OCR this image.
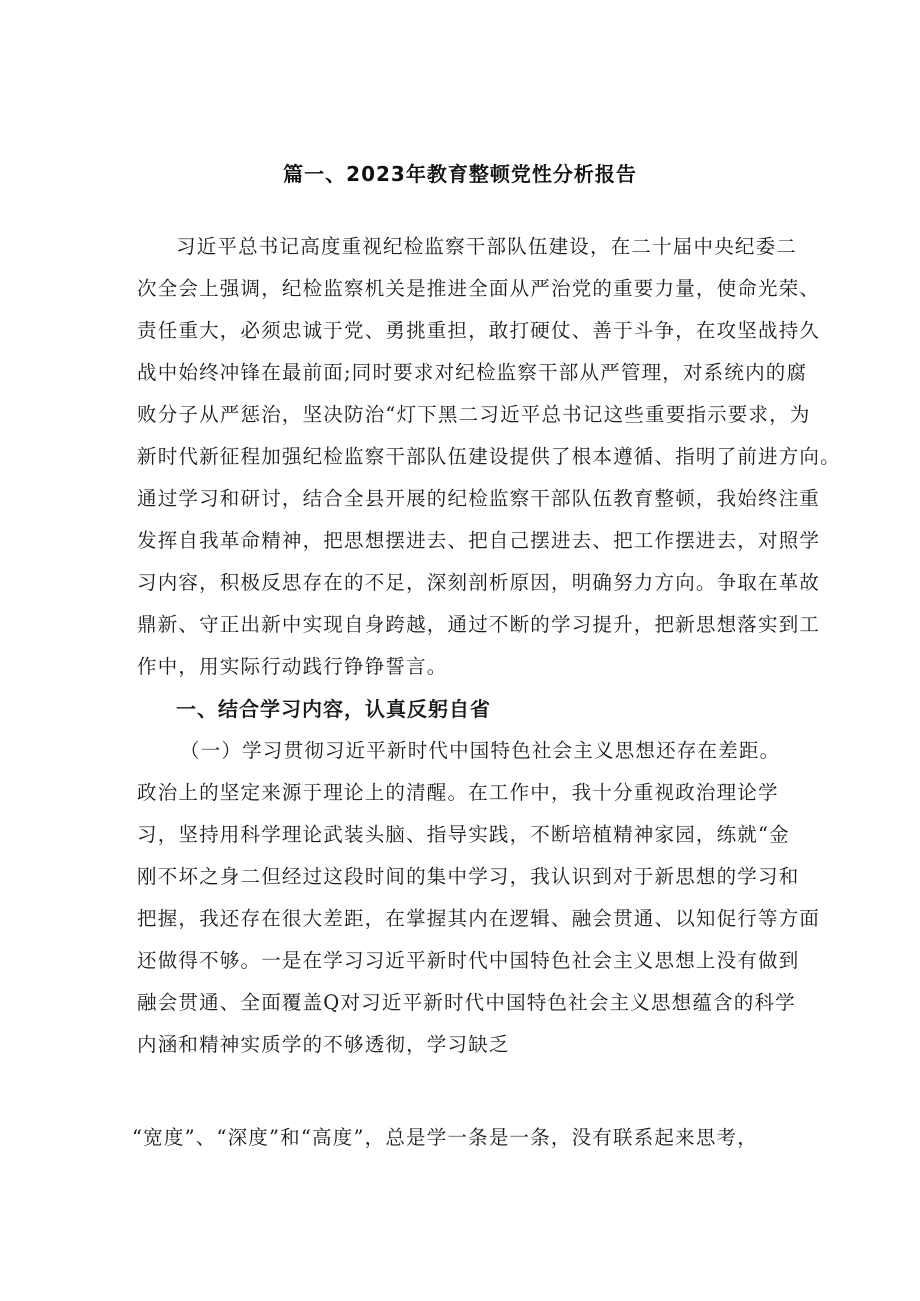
篇一、2023年教育整顿党性分析报告
习近平总书记高度重视纪检监察干部队伍建设，在二十届中央纪委二
次全会上强调，纪检监察机关是推进全面从严治党的重要力量，使命光荣、
责任重大，必须忠诚于党、勇挑重担，敢打硬仗、善于斗争，在攻坚战持久
战中始终冲锋在最前面;同时要求对纪检监察干部从严管理，对系统内的腐
败分子从严惩治，坚决防治“灯下黑二习近平总书记这些重要指示要求，为
新时代新征程加强纪检监察干部队伍建设提供了根本遵循、指明了前进方向。
通过学习和研讨，结合全县开展的纪检监察干部队伍教育整顿，我始终注重
发挥自我革命精神，把思想摆进去、把自己摆进去、把工作摆进去，对照学
习内容，积极反思存在的不足，深刻剖析原因，明确努力方向。争取在革故
鼎新、守正出新中实现自身跨越，通过不断的学习提升，把新思想落实到工
作中，用实际行动践行铮铮誓言。
一、结合学习内容，认真反躬自省
（一）学习贯彻习近平新时代中国特色社会主义思想还存在差距。
政治上的坚定来源于理论上的清醒。在工作中，我十分重视政治理论学
习，坚持用科学理论武装头脑、指导实践，不断培植精神家园，练就“金
刚不坏之身二但经过这段时间的集中学习，我认识到对于新思想的学习和
把握，我还存在很大差距，在掌握其内在逻辑、融会贯通、以知促行等方面
还做得不够。一是在学习习近平新时代中国特色社会主义思想上没有做到
融会贯通、全面覆盖Q对习近平新时代中国特色社会主义思想蕴含的科学
内涵和精神实质学的不够透彻，学习缺乏
“宽度”、“深度”和“高度”，总是学一条是一条，没有联系起来思考，
